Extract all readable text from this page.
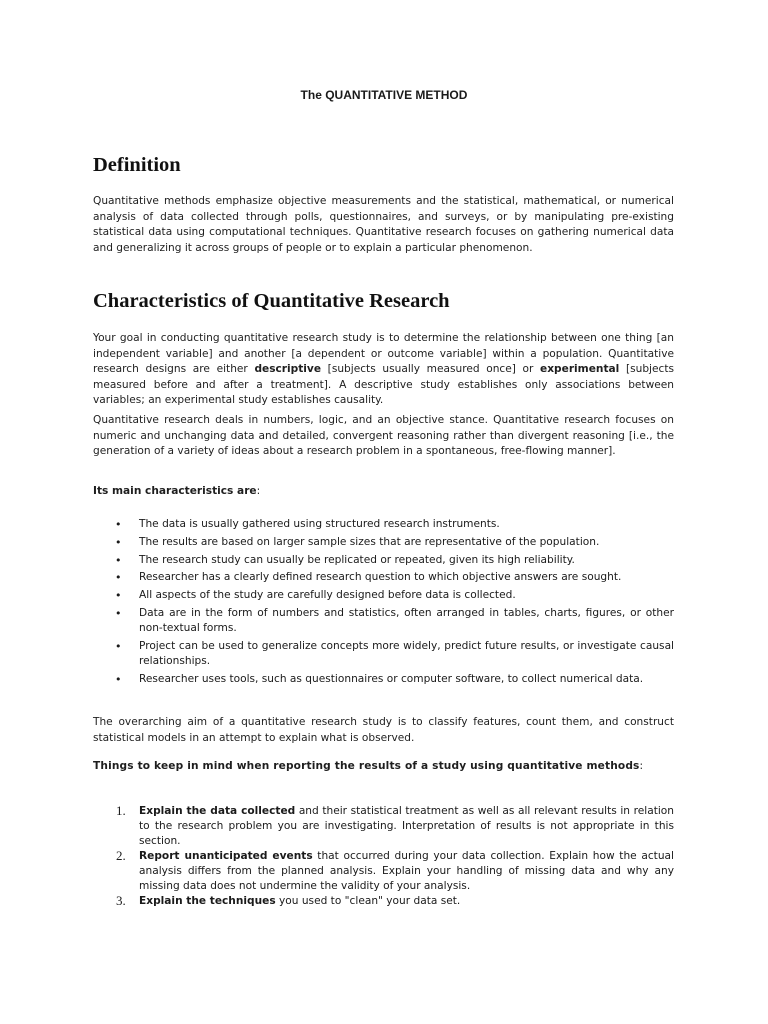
The QUANTITATIVE METHOD
Definition

Quantitative methods emphasize objective measurements and the statistical, mathematical, or numerical analysis of data collected through polls, questionnaires, and surveys, or by manipulating pre-existing statistical data using computational techniques. Quantitative research focuses on gathering numerical data and generalizing it across groups of people or to explain a particular phenomenon.

Characteristics of Quantitative Research

Your goal in conducting quantitative research study is to determine the relationship between one thing [an independent variable] and another [a dependent or outcome variable] within a population. Quantitative research designs are either descriptive [subjects usually measured once] or experimental [subjects measured before and after a treatment]. A descriptive study establishes only associations between variables; an experimental study establishes causality.

Quantitative research deals in numbers, logic, and an objective stance. Quantitative research focuses on numeric and unchanging data and detailed, convergent reasoning rather than divergent reasoning [i.e., the generation of a variety of ideas about a research problem in a spontaneous, free-flowing manner].

Its main characteristics are:

• The data is usually gathered using structured research instruments.
• The results are based on larger sample sizes that are representative of the population.
• The research study can usually be replicated or repeated, given its high reliability.
• Researcher has a clearly defined research question to which objective answers are sought.
• All aspects of the study are carefully designed before data is collected.
• Data are in the form of numbers and statistics, often arranged in tables, charts, figures, or other non-textual forms.
• Project can be used to generalize concepts more widely, predict future results, or investigate causal relationships.
• Researcher uses tools, such as questionnaires or computer software, to collect numerical data.

The overarching aim of a quantitative research study is to classify features, count them, and construct statistical models in an attempt to explain what is observed.

Things to keep in mind when reporting the results of a study using quantitative methods:

1. Explain the data collected and their statistical treatment as well as all relevant results in relation to the research problem you are investigating. Interpretation of results is not appropriate in this section.
2. Report unanticipated events that occurred during your data collection. Explain how the actual analysis differs from the planned analysis. Explain your handling of missing data and why any missing data does not undermine the validity of your analysis.
3. Explain the techniques you used to "clean" your data set.
